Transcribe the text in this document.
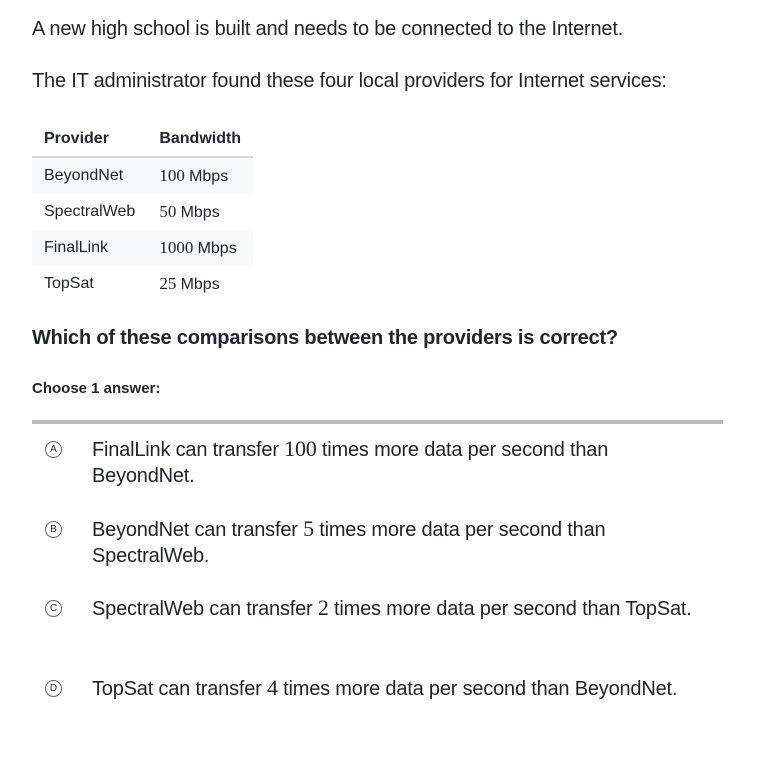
A new high school is built and needs to be connected to the Internet.
The IT administrator found these four local providers for Internet services:
Provider	Bandwidth
BeyondNet	100 Mbps
SpectralWeb	50 Mbps
FinalLink	1000 Mbps
TopSat	25 Mbps
Which of these comparisons between the providers is correct?
Choose 1 answer:
A FinalLink can transfer 100 times more data per second than BeyondNet.
B BeyondNet can transfer 5 times more data per second than SpectralWeb.
C SpectralWeb can transfer 2 times more data per second than TopSat.
D TopSat can transfer 4 times more data per second than BeyondNet.
